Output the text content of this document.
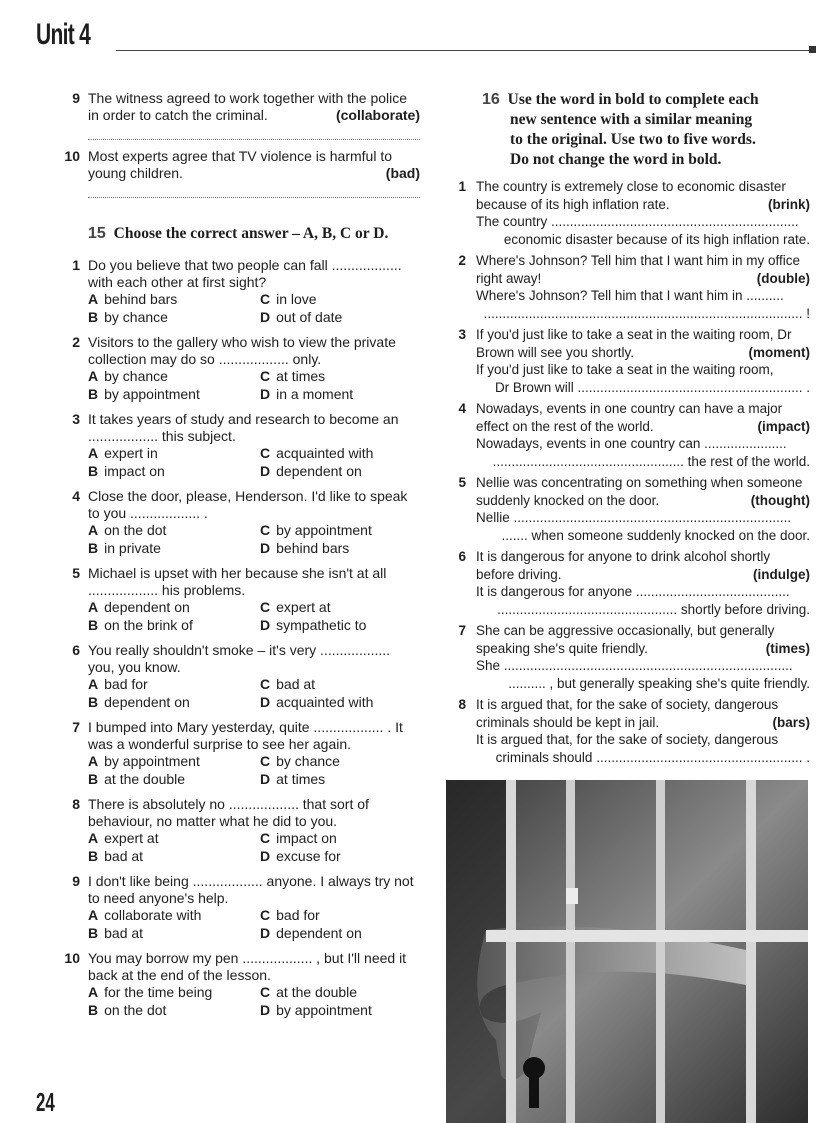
Unit 4
9 The witness agreed to work together with the police in order to catch the criminal.	(collaborate)
10 Most experts agree that TV violence is harmful to young children.	(bad)
15 Choose the correct answer – A, B, C or D.
1 Do you believe that two people can fall .................. with each other at first sight?
A behind bars	C in love
B by chance	D out of date
2 Visitors to the gallery who wish to view the private collection may do so .................. only.
A by chance	C at times
B by appointment	D in a moment
3 It takes years of study and research to become an .................. this subject.
A expert in	C acquainted with
B impact on	D dependent on
4 Close the door, please, Henderson. I'd like to speak to you .................. .
A on the dot	C by appointment
B in private	D behind bars
5 Michael is upset with her because she isn't at all .................. his problems.
A dependent on	C expert at
B on the brink of	D sympathetic to
6 You really shouldn't smoke – it's very .................. you, you know.
A bad for	C bad at
B dependent on	D acquainted with
7 I bumped into Mary yesterday, quite .................. . It was a wonderful surprise to see her again.
A by appointment	C by chance
B at the double	D at times
8 There is absolutely no .................. that sort of behaviour, no matter what he did to you.
A expert at	C impact on
B bad at	D excuse for
9 I don't like being .................. anyone. I always try not to need anyone's help.
A collaborate with	C bad for
B bad at	D dependent on
10 You may borrow my pen .................. , but I'll need it back at the end of the lesson.
A for the time being	C at the double
B on the dot	D by appointment
16 Use the word in bold to complete each
new sentence with a similar meaning
to the original. Use two to five words.
Do not change the word in bold.
1 The country is extremely close to economic disaster because of its high inflation rate.	(brink)
The country ..................................................................
economic disaster because of its high inflation rate.
2 Where's Johnson? Tell him that I want him in my office right away!	(double)
Where's Johnson? Tell him that I want him in ..........
..................................................................................... !
3 If you'd just like to take a seat in the waiting room, Dr Brown will see you shortly.	(moment)
If you'd just like to take a seat in the waiting room,
Dr Brown will ............................................................ .
4 Nowadays, events in one country can have a major effect on the rest of the world.	(impact)
Nowadays, events in one country can ......................
................................................... the rest of the world.
5 Nellie was concentrating on something when someone suddenly knocked on the door.	(thought)
Nellie ..........................................................................
....... when someone suddenly knocked on the door.
6 It is dangerous for anyone to drink alcohol shortly before driving.	(indulge)
It is dangerous for anyone .........................................
................................................ shortly before driving.
7 She can be aggressive occasionally, but generally speaking she's quite friendly.	(times)
She .............................................................................
.......... , but generally speaking she's quite friendly.
8 It is argued that, for the sake of society, dangerous criminals should be kept in jail.	(bars)
It is argued that, for the sake of society, dangerous
criminals should ....................................................... .
24
